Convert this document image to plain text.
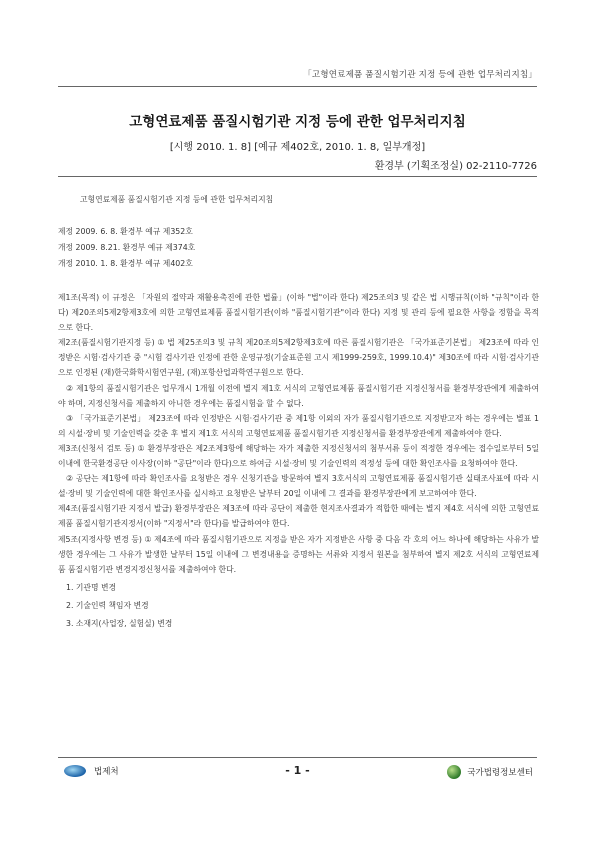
「고형연료제품 품질시험기관 지정 등에 관한 업무처리지침」
고형연료제품 품질시험기관 지정 등에 관한 업무처리지침
[시행 2010. 1. 8] [예규 제402호, 2010. 1. 8, 일부개정]
환경부 (기획조정실) 02-2110-7726
고형연료제품 품질시험기관 지정 등에 관한 업무처리지침
제정 2009. 6. 8. 환경부 예규 제352호
개정 2009. 8.21. 환경부 예규 제374호
개정 2010. 1. 8. 환경부 예규 제402호

제1조(목적) 이 규정은 「자원의 절약과 재활용촉진에 관한 법률」(이하 "법"이라 한다) 제25조의3 및 같은 법 시행규칙(이하 "규칙"이라 한다) 제20조의5제2항제3호에 의한 고형연료제품 품질시험기관(이하 "품질시험기관"이라 한다) 지정 및 관리 등에 필요한 사항을 정함을 목적으로 한다.

제2조(품질시험기관지정 등) ① 법 제25조의3 및 규칙 제20조의5제2항제3호에 따른 품질시험기관은 「국가표준기본법」 제23조에 따라 인정받은 시험·검사기관 중 "시험 검사기관 인정에 관한 운영규정(기술표준원 고시 제1999-259호, 1999.10.4)" 제30조에 따라 시험·검사기관으로 인정된 (재)한국화학시험연구원, (재)포항산업과학연구원으로 한다.

② 제1항의 품질시험기관은 업무개시 1개월 이전에 별지 제1호 서식의 고형연료제품 품질시험기관 지정신청서를 환경부장관에게 제출하여야 하며, 지정신청서를 제출하지 아니한 경우에는 품질시험을 할 수 없다.

③ 「국가표준기본법」 제23조에 따라 인정받은 시험·검사기관 중 제1항 이외의 자가 품질시험기관으로 지정받고자 하는 경우에는 별표 1의 시설·장비 및 기술인력을 갖춘 후 별지 제1호 서식의 고형연료제품 품질시험기관 지정신청서를 환경부장관에게 제출하여야 한다.

제3조(신청서 검토 등) ① 환경부장관은 제2조제3항에 해당하는 자가 제출한 지정신청서의 첨부서류 등이 적정한 경우에는 접수일로부터 5일 이내에 한국환경공단 이사장(이하 "공단"이라 한다)으로 하여금 시설·장비 및 기술인력의 적정성 등에 대한 확인조사를 요청하여야 한다.

② 공단는 제1항에 따라 확인조사를 요청받은 경우 신청기관을 방문하여 별지 3호서식의 고형연료제품 품질시험기관 실태조사표에 따라 시설·장비 및 기술인력에 대한 확인조사를 실시하고 요청받은 날부터 20일 이내에 그 결과를 환경부장관에게 보고하여야 한다.

제4조(품질시험기관 지정서 발급) 환경부장관은 제3조에 따라 공단이 제출한 현지조사결과가 적합한 때에는 별지 제4호 서식에 의한 고형연료제품 품질시험기관지정서(이하 "지정서"라 한다)를 발급하여야 한다.

제5조(지정사항 변경 등) ① 제4조에 따라 품질시험기관으로 지정을 받은 자가 지정받은 사항 중 다음 각 호의 어느 하나에 해당하는 사유가 발생한 경우에는 그 사유가 발생한 날부터 15일 이내에 그 변경내용을 증명하는 서류와 지정서 원본을 첨부하여 별지 제2호 서식의 고형연료제품 품질시험기관 변경지정신청서를 제출하여야 한다.

1. 기관명 변경

2. 기술인력 책임자 변경

3. 소재지(사업장, 실험실) 변경

법제처	- 1 -	국가법령정보센터
